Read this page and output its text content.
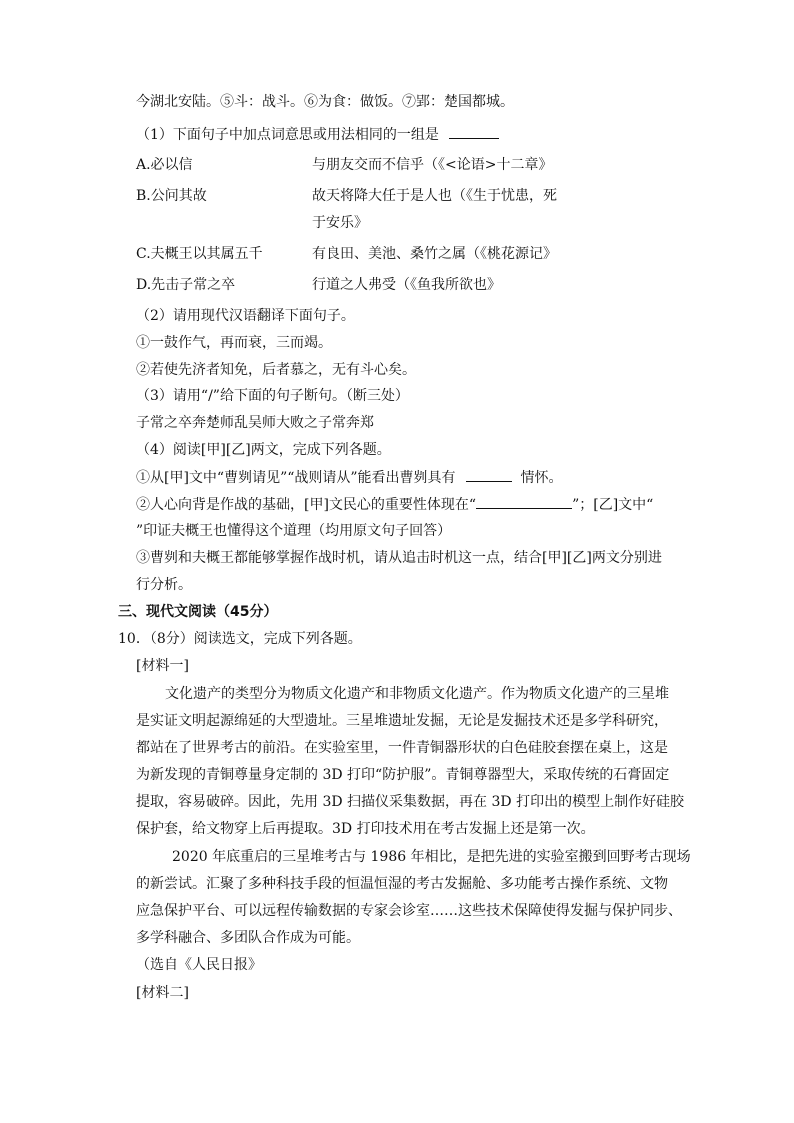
今湖北安陆。⑤斗：战斗。⑥为食：做饭。⑦郢：楚国都城。
（1）下面句子中加点词意思或用法相同的一组是
A.必以信	与朋友交而不信乎（《<论语>十二章》
B.公问其故	故天将降大任于是人也（《生于忧患，死
于安乐》
C.夫概王以其属五千	有良田、美池、桑竹之属（《桃花源记》
D.先击子常之卒	行道之人弗受（《鱼我所欲也》
（2）请用现代汉语翻译下面句子。
①一鼓作气，再而衰，三而竭。
②若使先济者知免，后者慕之，无有斗心矣。
（3）请用“/”给下面的句子断句。（断三处）
子常之卒奔楚师乱吴师大败之子常奔郑
（4）阅读[甲][乙]两文，完成下列各题。
①从[甲]文中“曹刿请见”“战则请从”能看出曹刿具有	情怀。
②人心向背是作战的基础，[甲]文民心的重要性体现在“	”；[乙]文中“
”印证夫概王也懂得这个道理（均用原文句子回答）
③曹刿和夫概王都能够掌握作战时机，请从追击时机这一点，结合[甲][乙]两文分别进
行分析。
三、现代文阅读（45分）
10．（8分）阅读选文，完成下列各题。
[材料一]
文化遗产的类型分为物质文化遗产和非物质文化遗产。作为物质文化遗产的三星堆
是实证文明起源绵延的大型遗址。三星堆遗址发掘，无论是发掘技术还是多学科研究，
都站在了世界考古的前沿。在实验室里，一件青铜器形状的白色硅胶套摆在桌上，这是
为新发现的青铜尊量身定制的 3D 打印“防护服”。青铜尊器型大，采取传统的石膏固定
提取，容易破碎。因此，先用 3D 扫描仪采集数据，再在 3D 打印出的模型上制作好硅胶
保护套，给文物穿上后再提取。3D 打印技术用在考古发掘上还是第一次。
2020 年底重启的三星堆考古与 1986 年相比，是把先进的实验室搬到回野考古现场
的新尝试。汇聚了多种科技手段的恒温恒湿的考古发掘舱、多功能考古操作系统、文物
应急保护平台、可以远程传输数据的专家会诊室……这些技术保障使得发掘与保护同步、
多学科融合、多团队合作成为可能。
（选自《人民日报》
[材料二]
